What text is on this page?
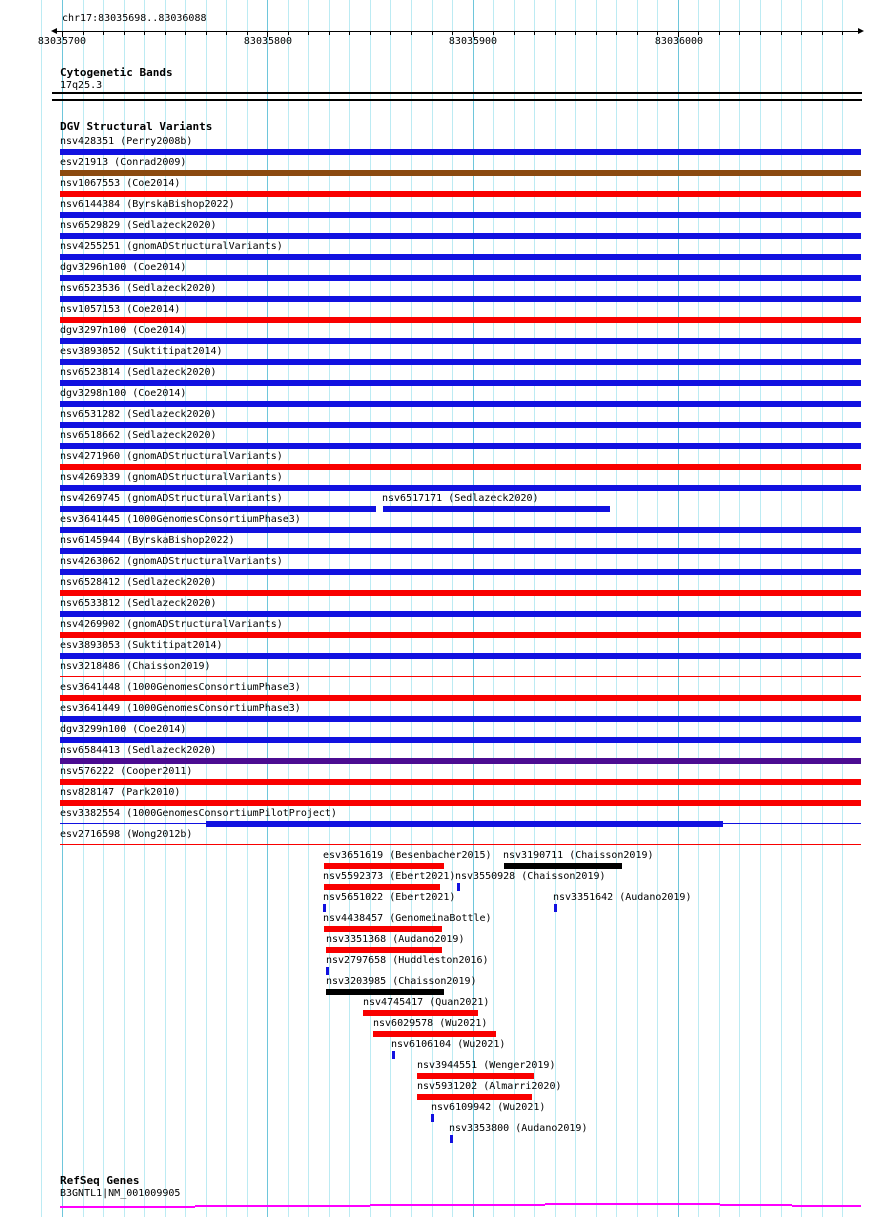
chr17:83035698..83036088
83035700	83035800	83035900	83036000
Cytogenetic Bands
17q25.3
DGV Structural Variants
nsv428351 (Perry2008b)
esv21913 (Conrad2009)
nsv1067553 (Coe2014)
nsv6144384 (ByrskaBishop2022)
nsv6529829 (Sedlazeck2020)
nsv4255251 (gnomADStructuralVariants)
dgv3296n100 (Coe2014)
nsv6523536 (Sedlazeck2020)
nsv1057153 (Coe2014)
dgv3297n100 (Coe2014)
esv3893052 (Suktitipat2014)
nsv6523814 (Sedlazeck2020)
dgv3298n100 (Coe2014)
nsv6531282 (Sedlazeck2020)
nsv6518662 (Sedlazeck2020)
nsv4271960 (gnomADStructuralVariants)
nsv4269339 (gnomADStructuralVariants)
nsv4269745 (gnomADStructuralVariants)	nsv6517171 (Sedlazeck2020)
esv3641445 (1000GenomesConsortiumPhase3)
nsv6145944 (ByrskaBishop2022)
nsv4263062 (gnomADStructuralVariants)
nsv6528412 (Sedlazeck2020)
nsv6533812 (Sedlazeck2020)
nsv4269902 (gnomADStructuralVariants)
esv3893053 (Suktitipat2014)
nsv3218486 (Chaisson2019)
esv3641448 (1000GenomesConsortiumPhase3)
esv3641449 (1000GenomesConsortiumPhase3)
dgv3299n100 (Coe2014)
nsv6584413 (Sedlazeck2020)
nsv576222 (Cooper2011)
nsv828147 (Park2010)
esv3382554 (1000GenomesConsortiumPilotProject)
esv2716598 (Wong2012b)
esv3651619 (Besenbacher2015) nsv3190711 (Chaisson2019)
nsv5592373 (Ebert2021) nsv3550928 (Chaisson2019)
nsv5651022 (Ebert2021)	nsv3351642 (Audano2019)
nsv4438457 (GenomeinaBottle)
nsv3351368 (Audano2019)
nsv2797658 (Huddleston2016)
nsv3203985 (Chaisson2019)
nsv4745417 (Quan2021)
nsv6029578 (Wu2021)
nsv6106104 (Wu2021)
nsv3944551 (Wenger2019)
nsv5931202 (Almarri2020)
nsv6109942 (Wu2021)
nsv3353800 (Audano2019)
RefSeq Genes
B3GNTL1|NM_001009905
